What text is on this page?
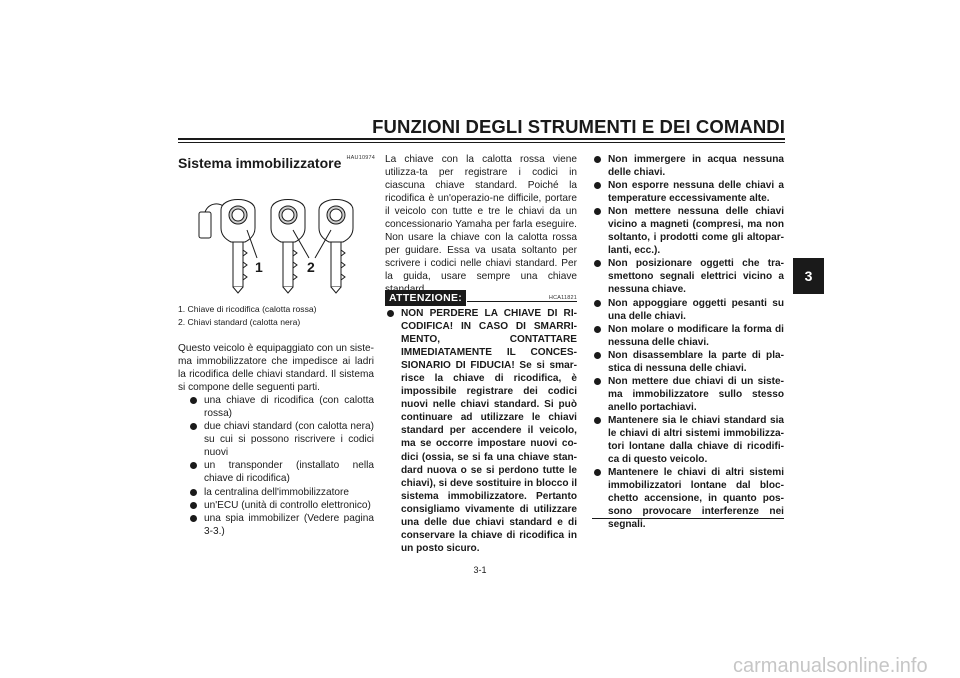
FUNZIONI DEGLI STRUMENTI E DEI COMANDI
3
Sistema immobilizzatore HAU10974
1	2
1. Chiave di ricodifica (calotta rossa)
2. Chiavi standard (calotta nera)
Questo veicolo è equipaggiato con un siste-ma immobilizzatore che impedisce ai ladri la ricodifica delle chiavi standard. Il sistema si compone delle seguenti parti.
una chiave di ricodifica (con calotta rossa)
due chiavi standard (con calotta nera) su cui si possono riscrivere i codici nuovi
un transponder (installato nella chiave di ricodifica)
la centralina dell'immobilizzatore
un'ECU (unità di controllo elettronico)
una spia immobilizer (Vedere pagina 3-3.)
La chiave con la calotta rossa viene utilizza-ta per registrare i codici in ciascuna chiave standard. Poiché la ricodifica è un'operazio-ne difficile, portare il veicolo con tutte e tre le chiavi da un concessionario Yamaha per farla eseguire. Non usare la chiave con la calotta rossa per guidare. Essa va usata soltanto per scrivere i codici nelle chiavi standard. Per la guida, usare sempre una chiave
ATTENZIONE:	HCA11821
NON PERDERE LA CHIAVE DI RI-CODIFICA! IN CASO DI SMARRI-MENTO, CONTATTARE IMMEDIATAMENTE IL CONCES-SIONARIO DI FIDUCIA! Se si smar-risce la chiave di ricodifica, è impossibile registrare dei codici nuovi nelle chiavi standard. Si può continuare ad utilizzare le chiavi standard per accendere il veicolo, ma se occorre impostare nuovi co-dici (ossia, se si fa una chiave stan-dard nuova o se si perdono tutte le chiavi), si deve sostituire in blocco il sistema immobilizzatore. Pertanto consigliamo vivamente di utilizzare una delle due chiavi standard e di conservare la chiave di ricodifica in un posto sicuro.
Non immergere in acqua nessuna delle chiavi.
Non esporre nessuna delle chiavi a temperature eccessivamente alte.
Non mettere nessuna delle chiavi vicino a magneti (compresi, ma non soltanto, i prodotti come gli altopar-lanti, ecc.).
Non posizionare oggetti che tra-smettono segnali elettrici vicino a nessuna chiave.
Non appoggiare oggetti pesanti su una delle chiavi.
Non molare o modificare la forma di nessuna delle chiavi.
Non disassemblare la parte di pla-stica di nessuna delle chiavi.
Non mettere due chiavi di un siste-ma immobilizzatore sullo stesso anello portachiavi.
Mantenere sia le chiavi standard sia le chiavi di altri sistemi immobilizza-tori lontane dalla chiave di ricodifi-ca di questo veicolo.
Mantenere le chiavi di altri sistemi immobilizzatori lontane dal bloc-chetto accensione, in quanto pos-sono provocare interferenze nei segnali.
3-1
carmanualsonline.info
